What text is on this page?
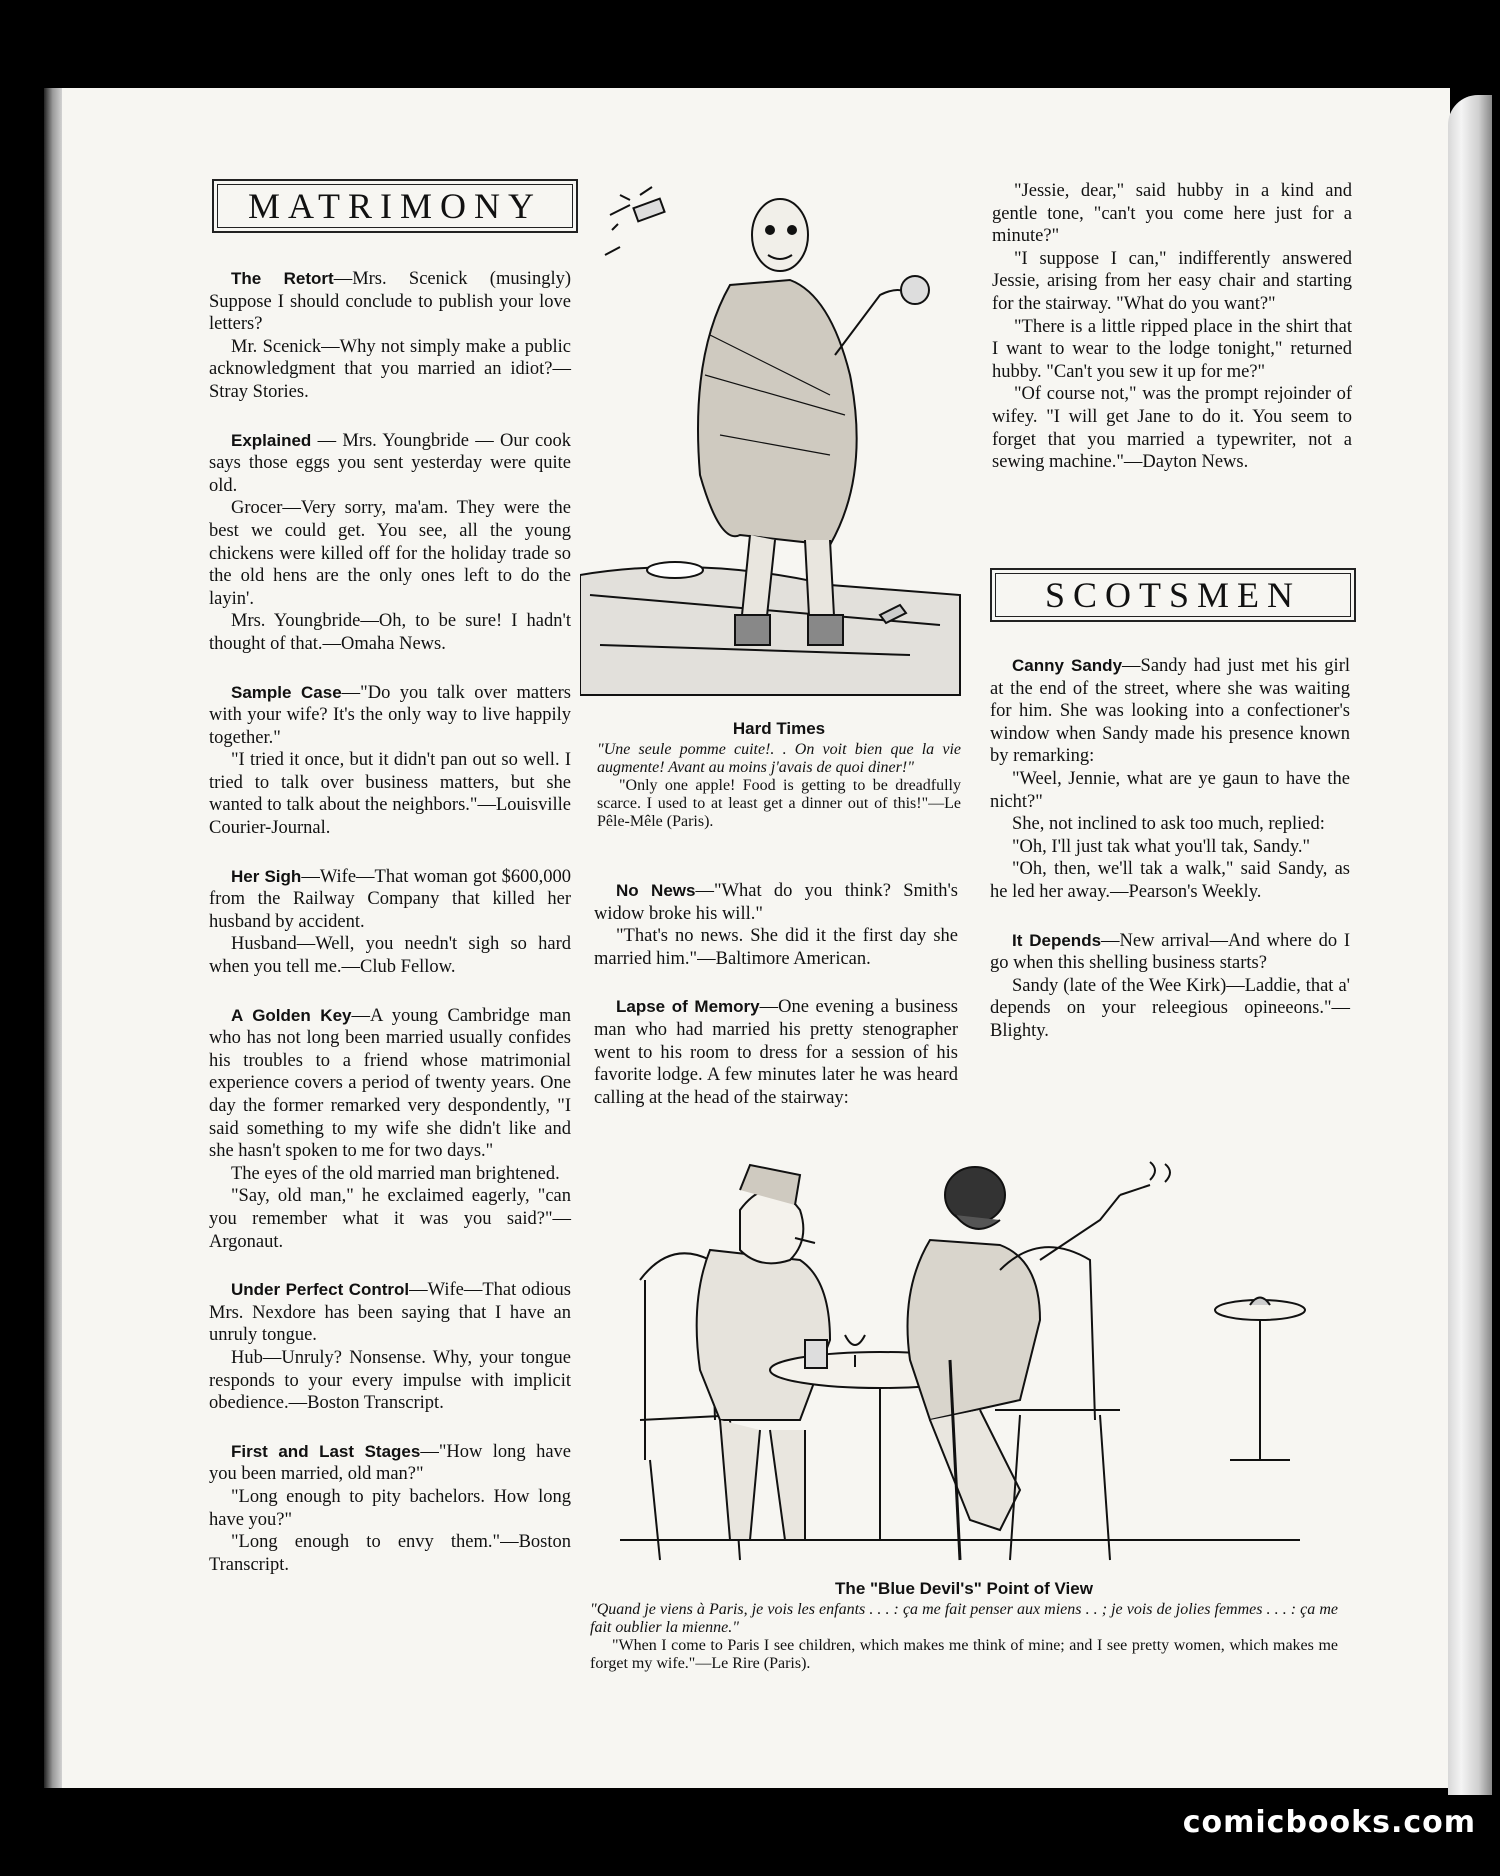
MATRIMONY

The Retort—Mrs. Scenick (musingly) Suppose I should conclude to publish your love letters?

Mr. Scenick—Why not simply make a public acknowledgment that you married an idiot?—Stray Stories.

Explained — Mrs. Youngbride — Our cook says those eggs you sent yesterday were quite old.

Grocer—Very sorry, ma'am. They were the best we could get. You see, all the young chickens were killed off for the holiday trade so the old hens are the only ones left to do the layin'.

Mrs. Youngbride—Oh, to be sure! I hadn't thought of that.—Omaha News.

Sample Case—"Do you talk over matters with your wife? It's the only way to live happily together."

"I tried it once, but it didn't pan out so well. I tried to talk over business matters, but she wanted to talk about the neighbors."—Louisville Courier-Journal.

Her Sigh—Wife—That woman got $600,000 from the Railway Company that killed her husband by accident.

Husband—Well, you needn't sigh so hard when you tell me.—Club Fellow.

A Golden Key—A young Cambridge man who has not long been married usually confides his troubles to a friend whose matrimonial experience covers a period of twenty years. One day the former remarked very despondently, "I said something to my wife she didn't like and she hasn't spoken to me for two days."

The eyes of the old married man brightened.

"Say, old man," he exclaimed eagerly, "can you remember what it was you said?"—Argonaut.

Under Perfect Control—Wife—That odious Mrs. Nexdore has been saying that I have an unruly tongue.

Hub—Unruly? Nonsense. Why, your tongue responds to your every impulse with implicit obedience.—Boston Transcript.

First and Last Stages—"How long have you been married, old man?"

"Long enough to pity bachelors. How long have you?"

"Long enough to envy them."—Boston Transcript.

Hard Times

"Une seule pomme cuite!. . On voit bien que la vie augmente! Avant au moins j'avais de quoi diner!"

"Only one apple! Food is getting to be dreadfully scarce. I used to at least get a dinner out of this!"—Le Pêle-Mêle (Paris).

No News—"What do you think? Smith's widow broke his will."

"That's no news. She did it the first day she married him."—Baltimore American.

Lapse of Memory—One evening a business man who had married his pretty stenographer went to his room to dress for a session of his favorite lodge. A few minutes later he was heard calling at the head of the stairway:

"Jessie, dear," said hubby in a kind and gentle tone, "can't you come here just for a minute?"

"I suppose I can," indifferently answered Jessie, arising from her easy chair and starting for the stairway. "What do you want?"

"There is a little ripped place in the shirt that I want to wear to the lodge tonight," returned hubby. "Can't you sew it up for me?"

"Of course not," was the prompt rejoinder of wifey. "I will get Jane to do it. You seem to forget that you married a typewriter, not a sewing machine."—Dayton News.

SCOTSMEN

Canny Sandy—Sandy had just met his girl at the end of the street, where she was waiting for him. She was looking into a confectioner's window when Sandy made his presence known by remarking:

"Weel, Jennie, what are ye gaun to have the nicht?"

She, not inclined to ask too much, replied:

"Oh, I'll just tak what you'll tak, Sandy."

"Oh, then, we'll tak a walk," said Sandy, as he led her away.—Pearson's Weekly.

It Depends—New arrival—And where do I go when this shelling business starts?

Sandy (late of the Wee Kirk)—Laddie, that a' depends on your releegious opineeons."—Blighty.

The "Blue Devil's" Point of View

"Quand je viens à Paris, je vois les enfants . . . : ça me fait penser aux miens . . ; je vois de jolies femmes . . . : ça me fait oublier la mienne."

"When I come to Paris I see children, which makes me think of mine; and I see pretty women, which makes me forget my wife."—Le Rire (Paris).

comicbooks.com
